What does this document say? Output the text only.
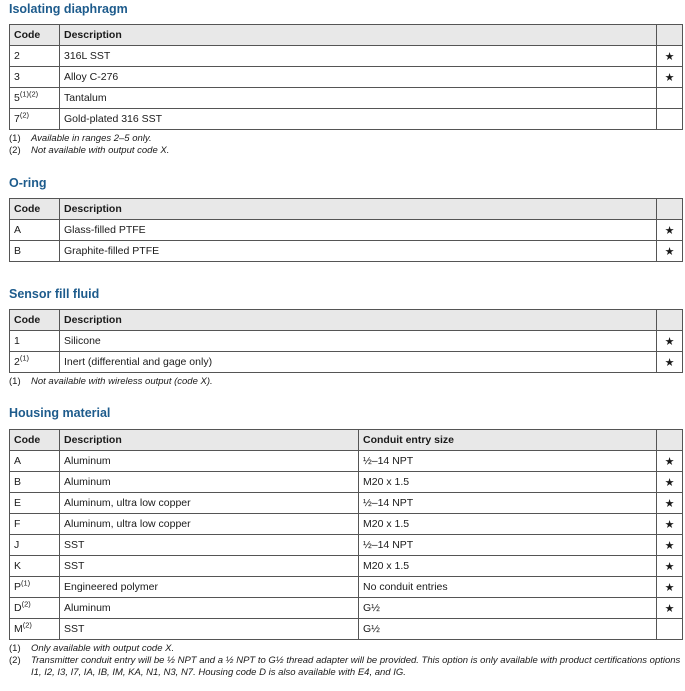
Isolating diaphragm
Code	Description	
2	316L SST	★
3	Alloy C-276	★
$5^{(1)(2)}$	Tantalum	
7$^{(2)}$	Gold-plated 316 SST	
(1)	Available in ranges 2–5 only.
(2)	Not available with output code X.
O-ring
Code	Description	
A	Glass-filled PTFE	★
B	Graphite-filled PTFE	★
Sensor fill fluid
Code	Description	
1	Silicone	★
2$^{(1)}$	Inert (differential and gage only)	★
(1)	Not available with wireless output (code X).
Housing material
Code	Description	Conduit entry size	
A	Aluminum	½–14 NPT	★
B	Aluminum	M20 x 1.5	★
E	Aluminum, ultra low copper	½–14 NPT	★
F	Aluminum, ultra low copper	M20 x 1.5	★
J	SST	½–14 NPT	★
K	SST	M20 x 1.5	★
$P^{(1)}$	Engineered polymer	No conduit entries	★
$D^{(2)}$	Aluminum	G½	★
$M^{(2)}$	SST	G½	
(1)	Only available with output code X.
(2)	Transmitter conduit entry will be ½ NPT and a ½ NPT to G½ thread adapter will be provided. This option is only available with product certifications options I1, I2, I3, I7, IA, IB, IM, KA, N1, N3, N7. Housing code D is also available with E4, and IG.
